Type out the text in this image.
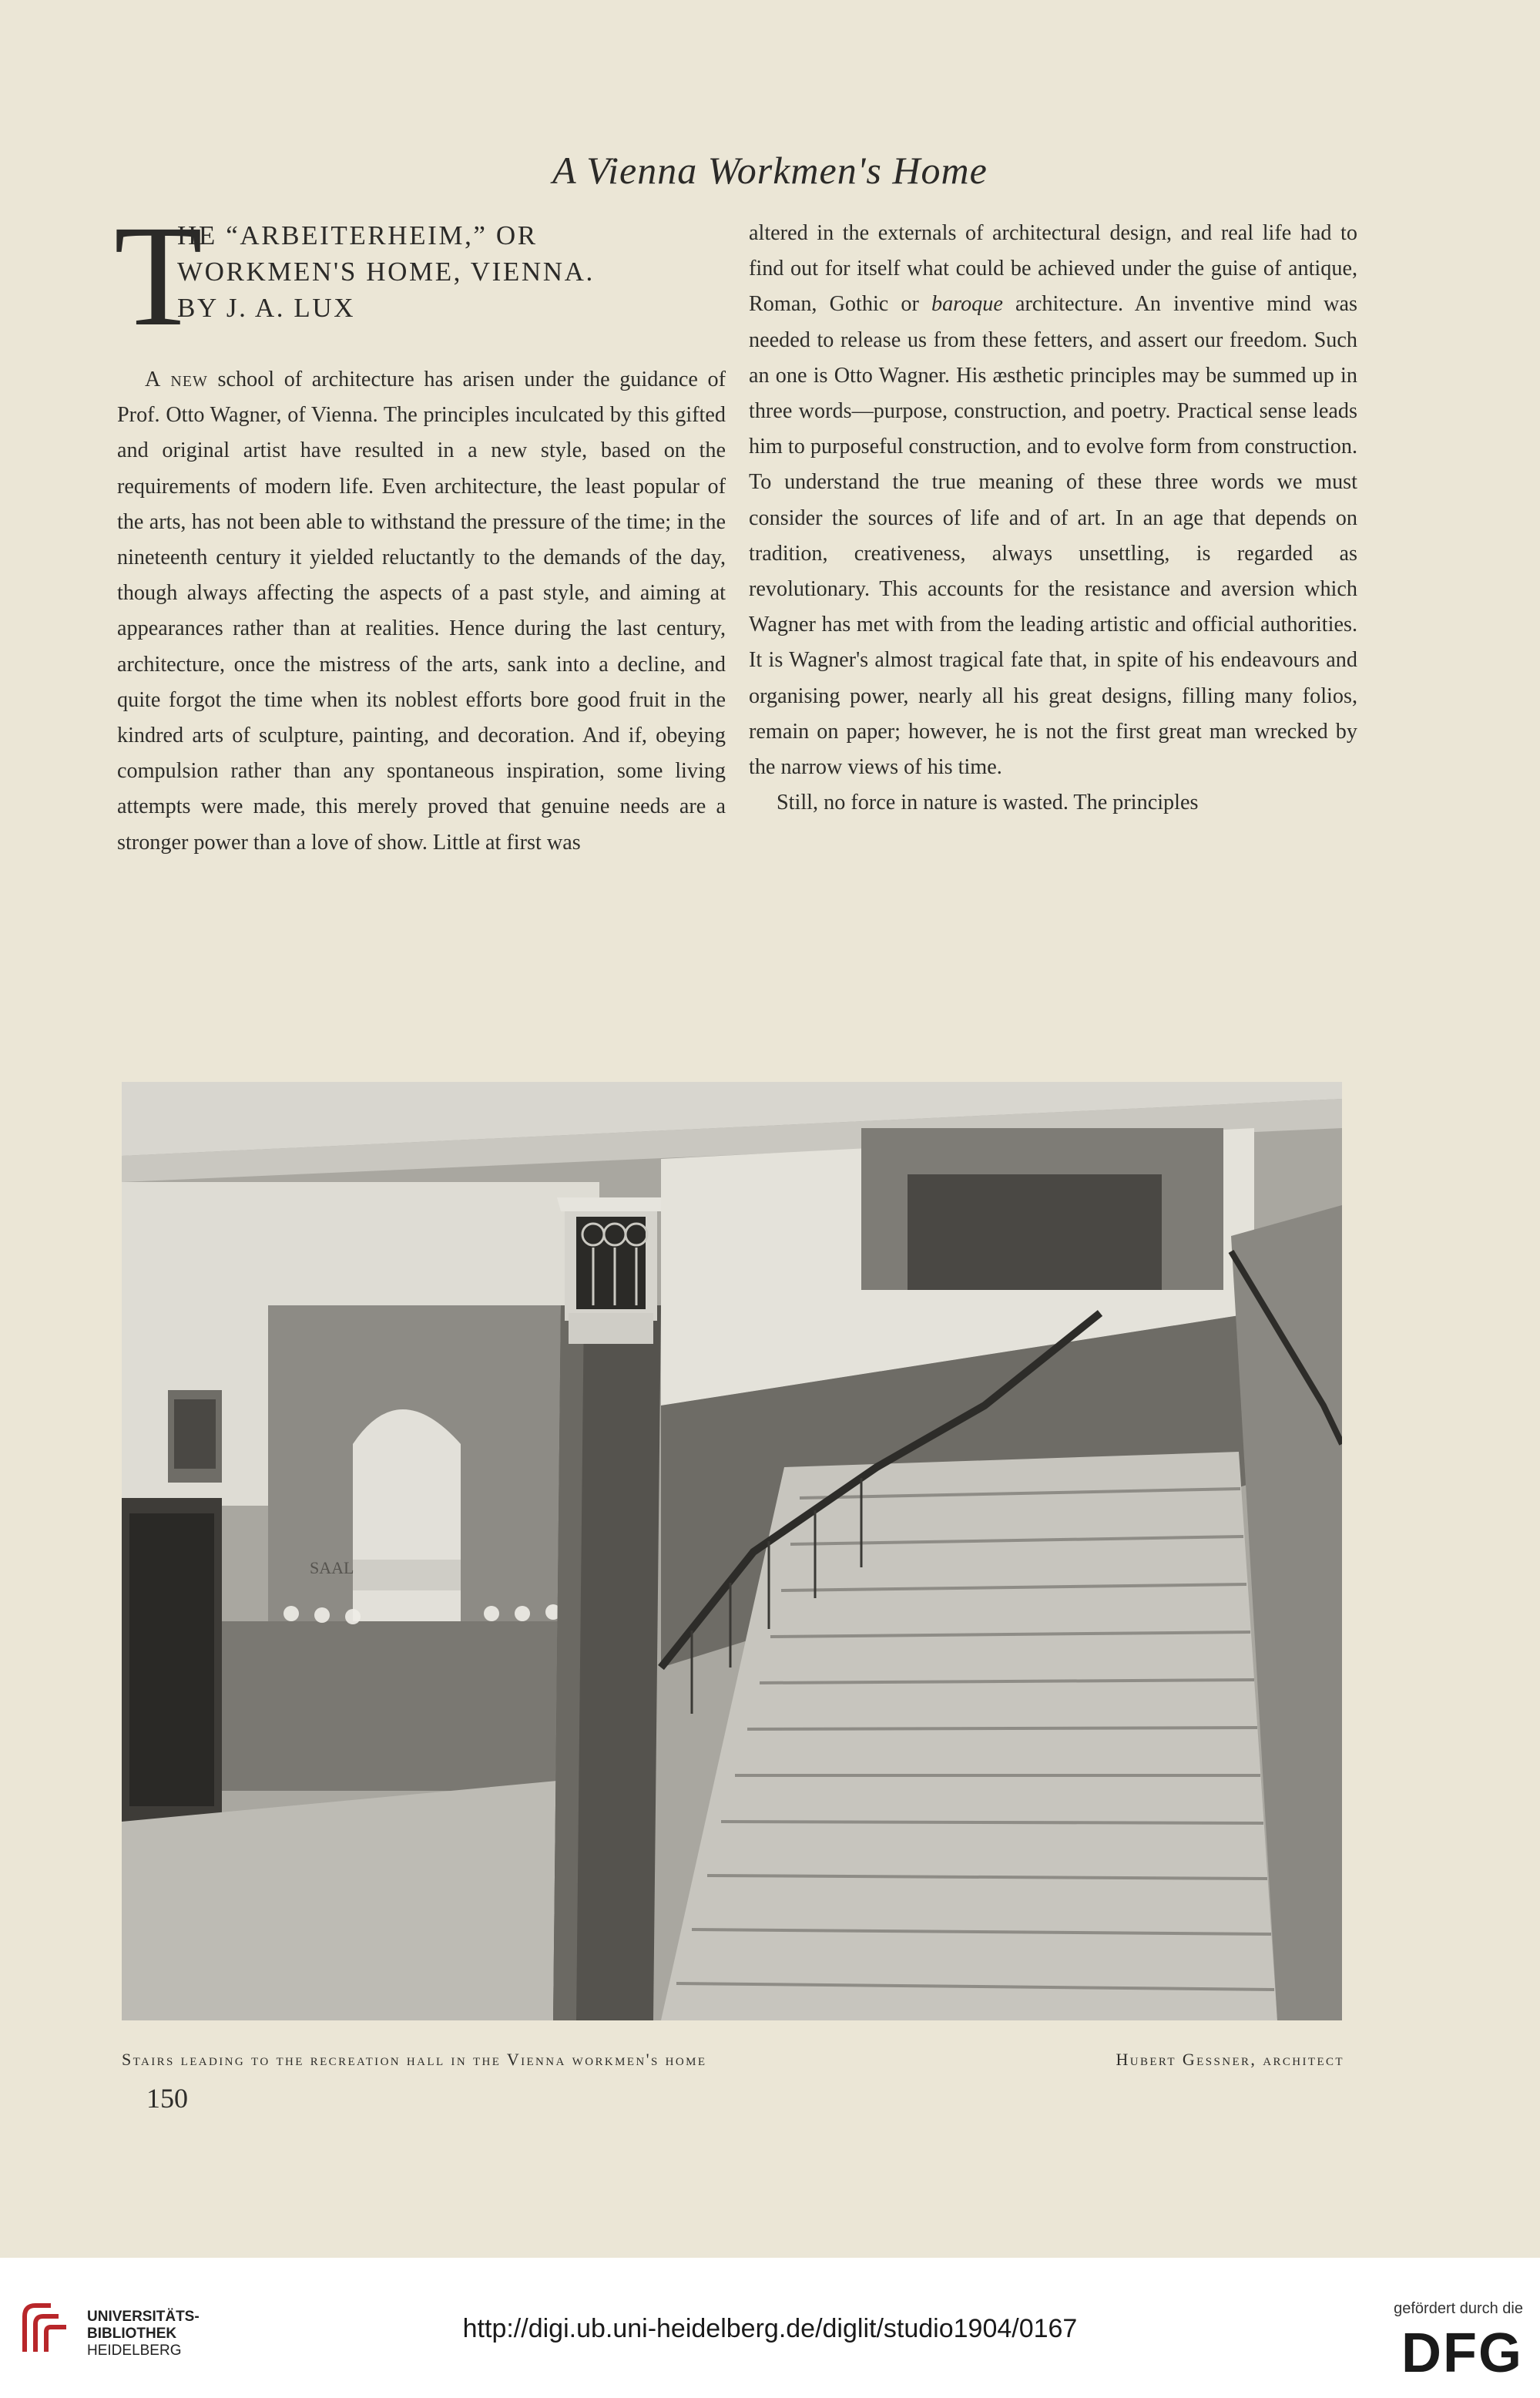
A Vienna Workmen's Home
T
HE “ARBEITERHEIM,” OR
WORKMEN'S HOME, VIENNA.
BY J. A. LUX

A new school of architecture has arisen under the guidance of Prof. Otto Wagner, of Vienna. The principles inculcated by this gifted and original artist have resulted in a new style, based on the requirements of modern life. Even architecture, the least popular of the arts, has not been able to withstand the pressure of the time; in the nineteenth century it yielded reluctantly to the demands of the day, though always affecting the aspects of a past style, and aiming at appearances rather than at realities. Hence during the last century, architecture, once the mistress of the arts, sank into a decline, and quite forgot the time when its noblest efforts bore good fruit in the kindred arts of sculpture, painting, and decoration. And if, obeying compulsion rather than any spontaneous inspiration, some living attempts were made, this merely proved that genuine needs are a stronger power than a love of show. Little at first was

altered in the externals of architectural design, and real life had to find out for itself what could be achieved under the guise of antique, Roman, Gothic or baroque architecture. An inventive mind was needed to release us from these fetters, and assert our freedom. Such an one is Otto Wagner. His æsthetic principles may be summed up in three words—purpose, construction, and poetry. Practical sense leads him to purposeful construction, and to evolve form from construction. To understand the true meaning of these three words we must consider the sources of life and of art. In an age that depends on tradition, creativeness, always unsettling, is regarded as revolutionary. This accounts for the resistance and aversion which Wagner has met with from the leading artistic and official authorities. It is Wagner's almost tragical fate that, in spite of his endeavours and organising power, nearly all his great designs, filling many folios, remain on paper; however, he is not the first great man wrecked by the narrow views of his time.

Still, no force in nature is wasted. The principles

SAAL
Stairs leading to the recreation hall in the Vienna workmen's home	Hubert Gessner, architect
150
UNIVERSITÄTS-
BIBLIOTHEK
HEIDELBERG
http://digi.ub.uni-heidelberg.de/diglit/studio1904/0167
gefördert durch die
DFG
